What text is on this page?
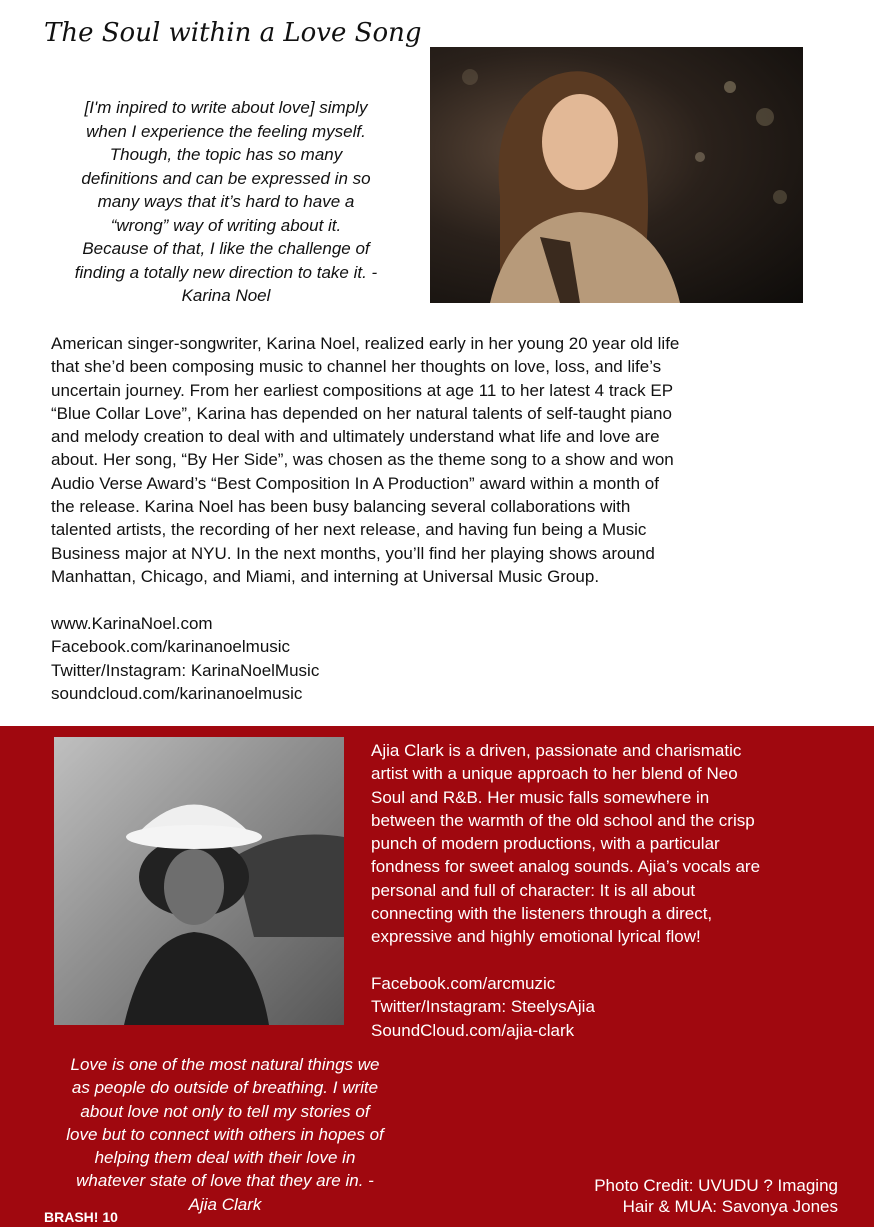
The Soul within a Love Song

[I'm inpired to write about love] simply
when I experience the feeling myself.
Though, the topic has so many
definitions and can be expressed in so
many ways that it’s hard to have a
“wrong” way of writing about it.
Because of that, I like the challenge of
finding a totally new direction to take it. -
Karina Noel

American singer-songwriter, Karina Noel, realized early in her young 20 year old life
that she’d been composing music to channel her thoughts on love, loss, and life’s
uncertain journey. From her earliest compositions at age 11 to her latest 4 track EP
“Blue Collar Love”, Karina has depended on her natural talents of self-taught piano
and melody creation to deal with and ultimately understand what life and love are
about. Her song, “By Her Side”, was chosen as the theme song to a show and won
Audio Verse Award’s “Best Composition In A Production” award within a month of
the release. Karina Noel has been busy balancing several collaborations with
talented artists, the recording of her next release, and having fun being a Music
Business major at NYU. In the next months, you’ll find her playing shows around
Manhattan, Chicago, and Miami, and interning at Universal Music Group.

www.KarinaNoel.com
Facebook.com/karinanoelmusic
Twitter/Instagram: KarinaNoelMusic
soundcloud.com/karinanoelmusic

Ajia Clark is a driven, passionate and charismatic
artist with a unique approach to her blend of Neo
Soul and R&B. Her music falls somewhere in
between the warmth of the old school and the crisp
punch of modern productions, with a particular
fondness for sweet analog sounds. Ajia’s vocals are
personal and full of character: It is all about
connecting with the listeners through a direct,
expressive and highly emotional lyrical flow!

Facebook.com/arcmuzic
Twitter/Instagram: SteelysAjia
SoundCloud.com/ajia-clark

Love is one of the most natural things we
as people do outside of breathing. I write
about love not only to tell my stories of
love but to connect with others in hopes of
helping them deal with their love in
whatever state of love that they are in. -
Ajia Clark

Photo Credit: UVUDU ? Imaging
Hair & MUA: Savonya Jones

BRASH! 10
